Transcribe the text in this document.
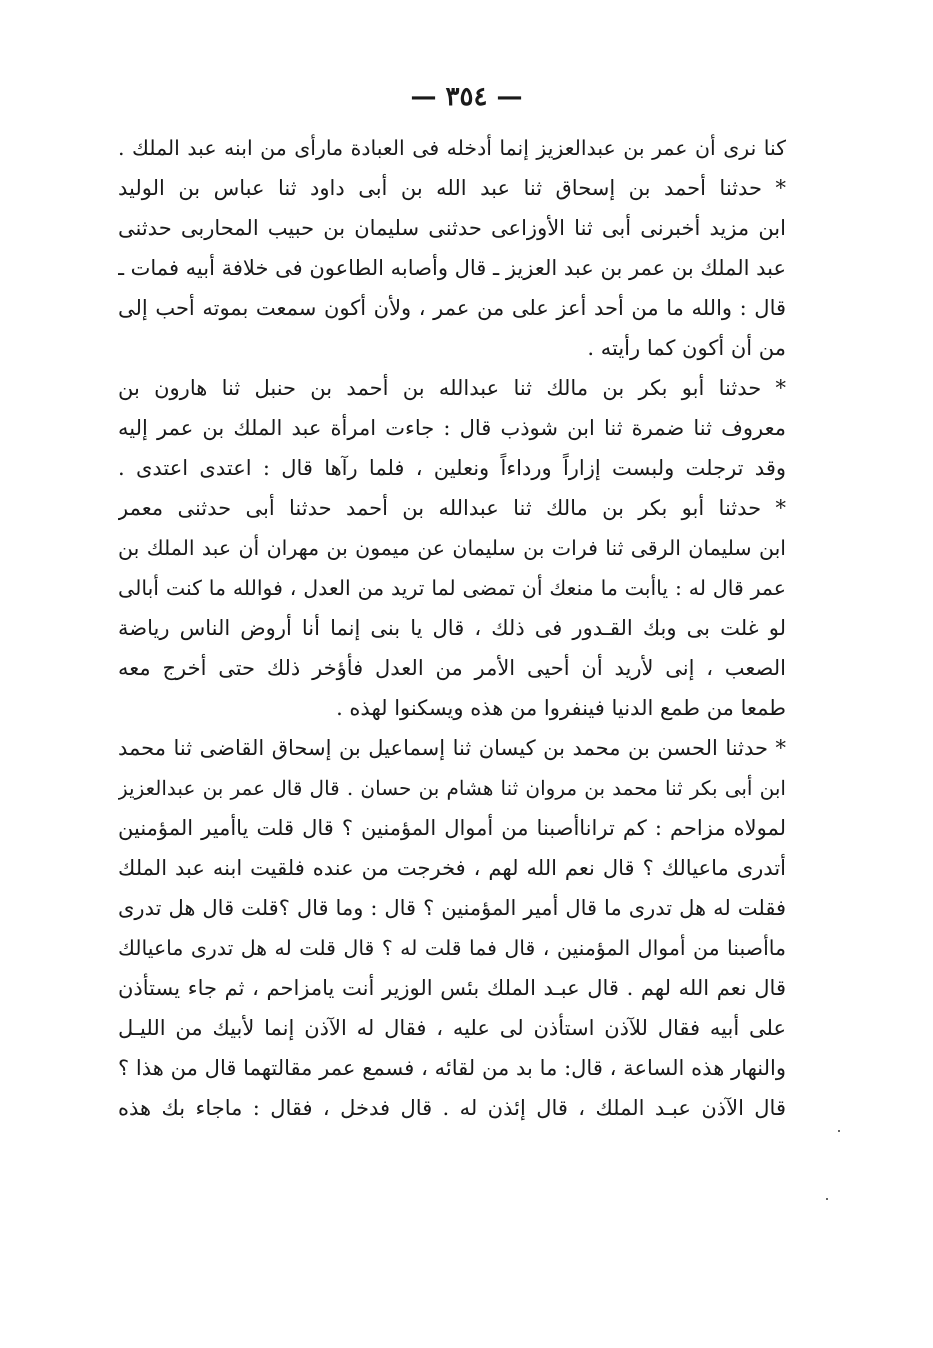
— ٣٥٤ —
كنا نرى أن عمر بن عبدالعزيز إنما أدخله فى العبادة مارأى من ابنه عبد الملك .
* حدثنا أحمد بن إسحاق ثنا عبد الله بن أبى داود ثنا عباس بن الوليد
ابن مزيد أخبرنى أبى ثنا الأوزاعى حدثنى سليمان بن حبيب المحاربى حدثنى
عبد الملك بن عمر بن عبد العزيز ـ قال وأصابه الطاعون فى خلافة أبيه فمات ـ
قال : والله ما من أحد أعز على من عمر ، ولأن أكون سمعت بموته أحب إلى
من أن أكون كما رأيته .
* حدثنا أبو بكر بن مالك ثنا عبدالله بن أحمد بن حنبل ثنا هارون بن
معروف ثنا ضمرة ثنا ابن شوذب قال : جاءت امرأة عبد الملك بن عمر إليه
وقد ترجلت ولبست إزاراً ورداءاً ونعلين ، فلما رآها قال : اعتدى اعتدى .
* حدثنا أبو بكر بن مالك ثنا عبدالله بن أحمد حدثنا أبى حدثنى معمر
ابن سليمان الرقى ثنا فرات بن سليمان عن ميمون بن مهران أن عبد الملك بن
عمر قال له : ياأبت ما منعك أن تمضى لما تريد من العدل ، فوالله ما كنت أبالى
لو غلت بى وبك القـدور فى ذلك ، قال يا بنى إنما أنا أروض الناس رياضة
الصعب ، إنى لأريد أن أحيى الأمر من العدل فأؤخر ذلك حتى أخرج معه
طمعا من طمع الدنيا فينفروا من هذه ويسكنوا لهذه .
* حدثنا الحسن بن محمد بن كيسان ثنا إسماعيل بن إسحاق القاضى ثنا محمد
ابن أبى بكر ثنا محمد بن مروان ثنا هشام بن حسان . قال قال عمر بن عبدالعزيز
لمولاه مزاحم : كم تراناأصبنا من أموال المؤمنين ؟ قال قلت ياأمير المؤمنين
أتدرى ماعيالك ؟ قال نعم الله لهم ، فخرجت من عنده فلقيت ابنه عبد الملك
فقلت له هل تدرى ما قال أمير المؤمنين ؟ قال : وما قال ؟قلت قال هل تدرى
ماأصبنا من أموال المؤمنين ، قال فما قلت له ؟ قال قلت له هل تدرى ماعيالك
قال نعم الله لهم . قال عبـد الملك بئس الوزير أنت يامزاحم ، ثم جاء يستأذن
على أبيه فقال للآذن استأذن لى عليه ، فقال له الآذن إنما لأبيك من الليـل
والنهار هذه الساعة ، قال: ما بد من لقائه ، فسمع عمر مقالتهما قال من هذا ؟
قال الآذن عبـد الملك ، قال إئذن له . قال فدخل ، فقال : ماجاء بك هذه
